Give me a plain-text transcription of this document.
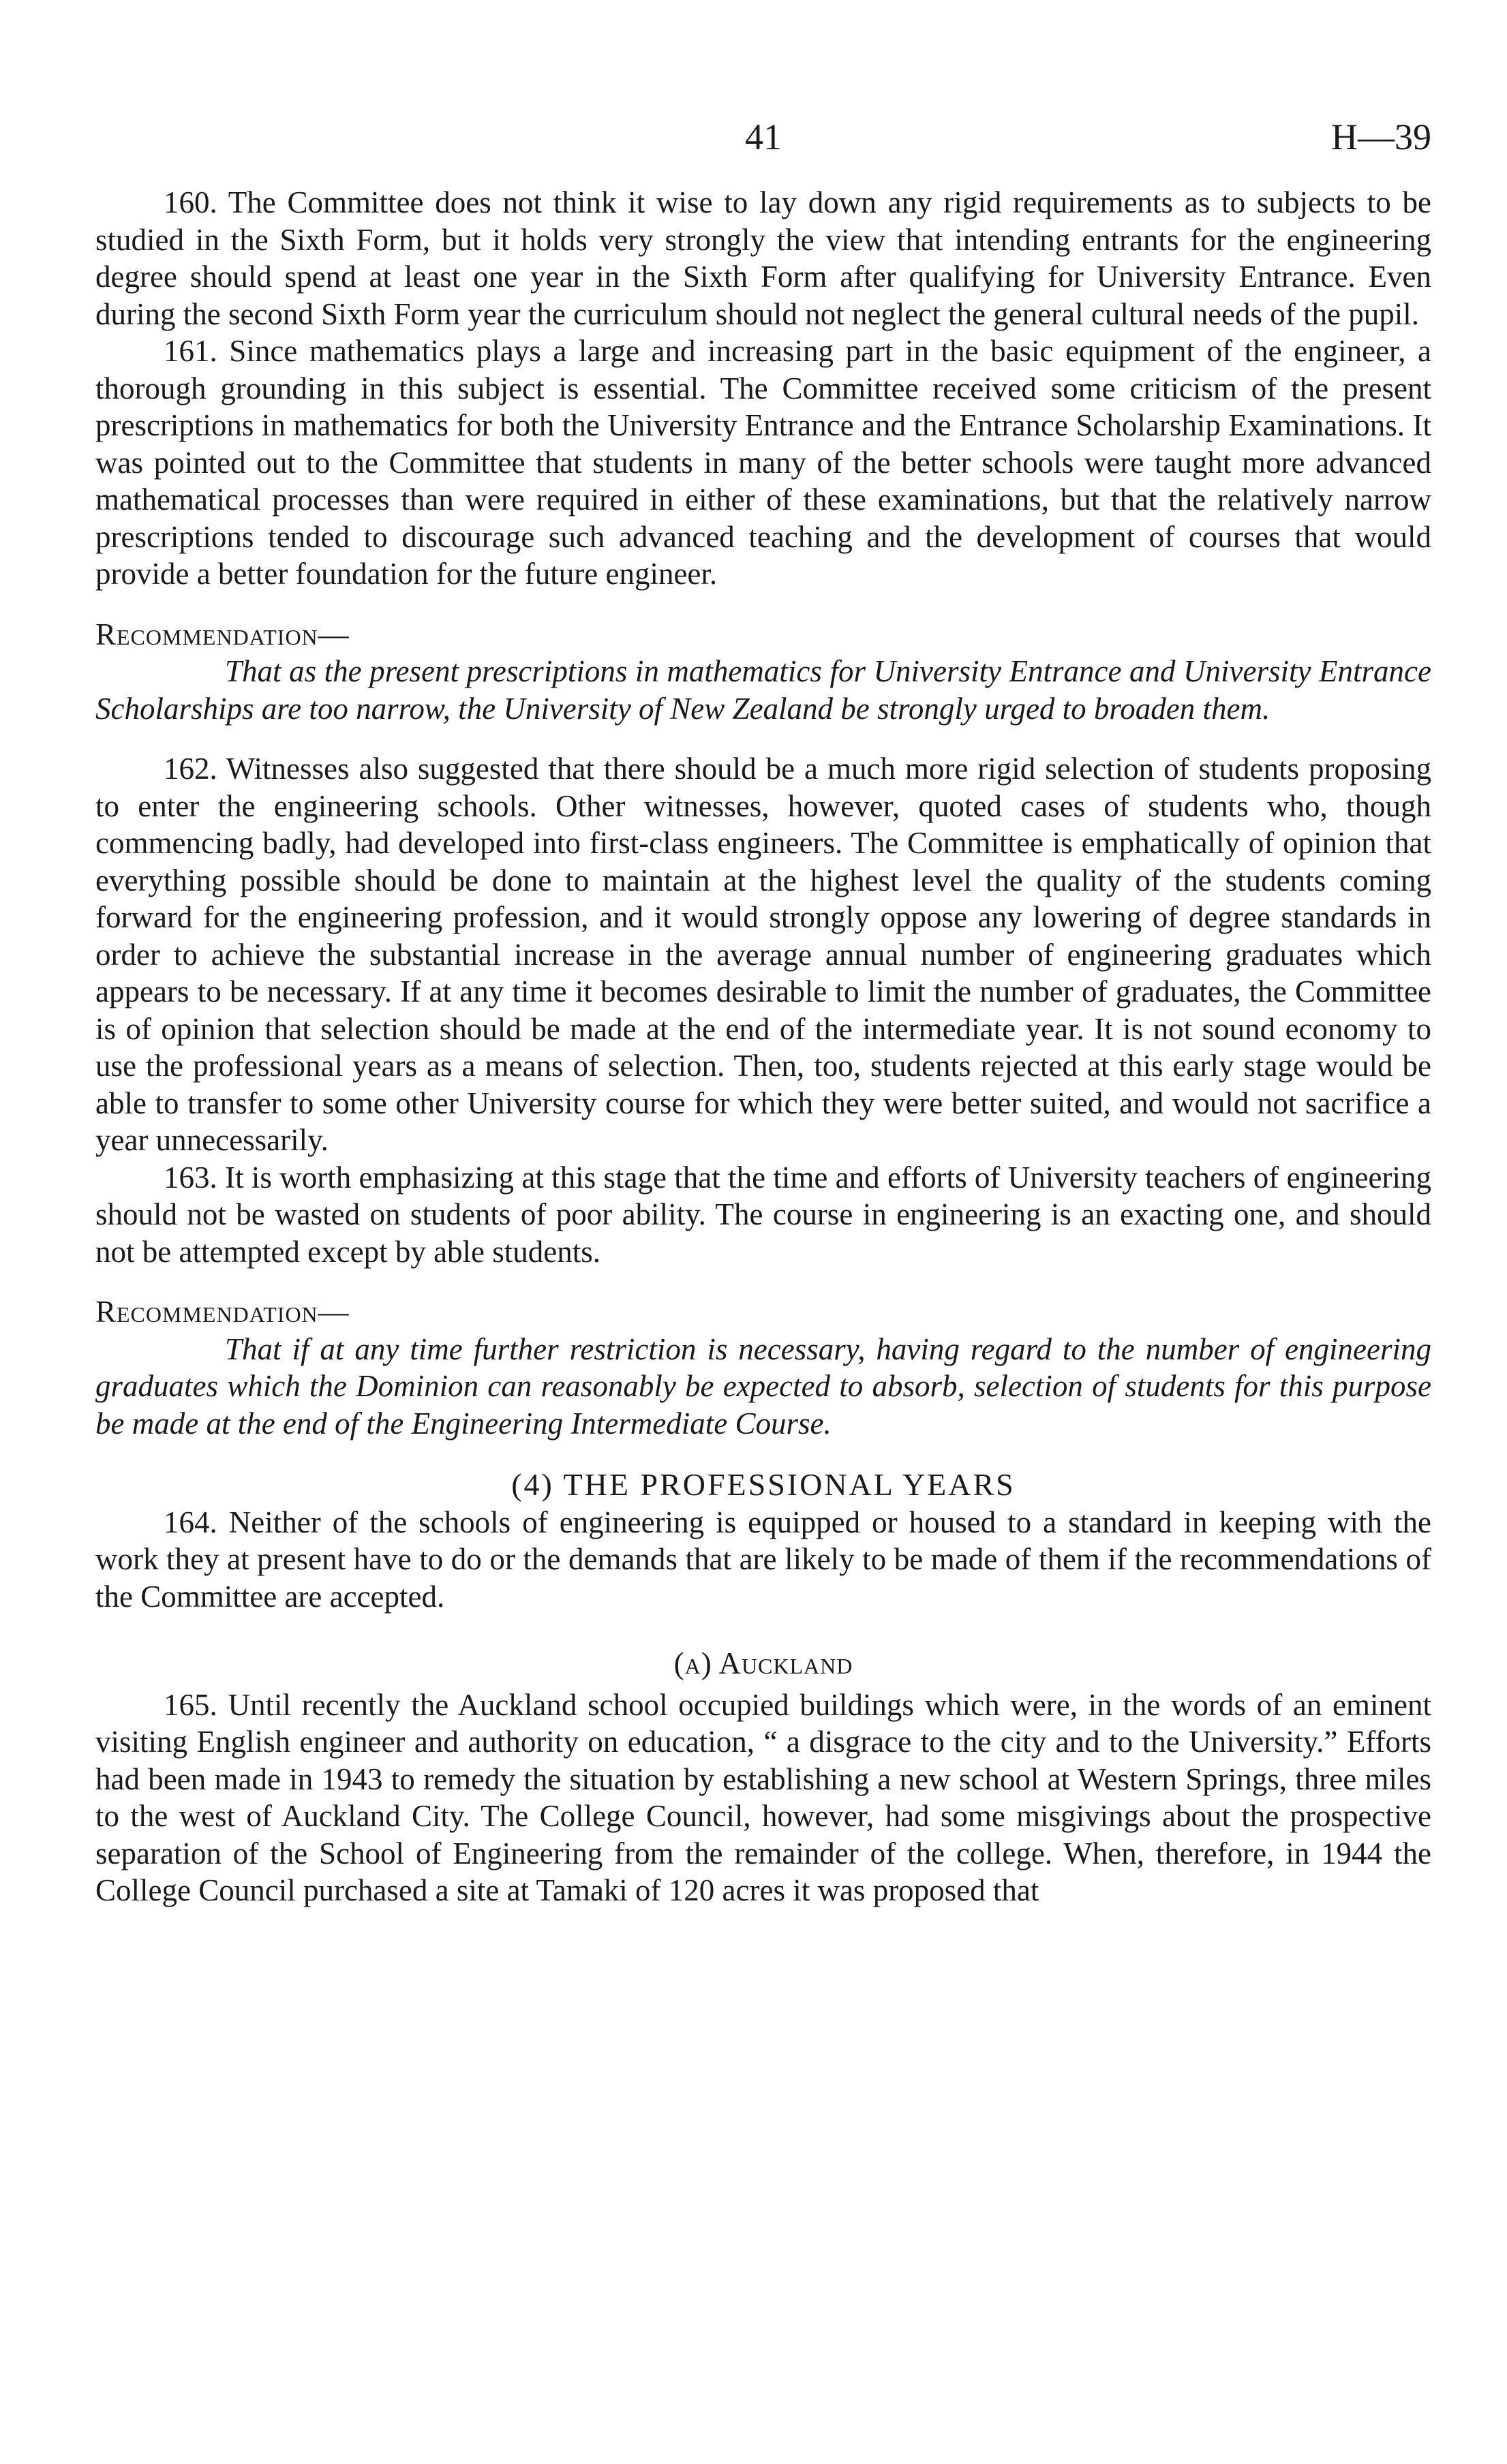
41	H—39

160. The Committee does not think it wise to lay down any rigid requirements as to subjects to be studied in the Sixth Form, but it holds very strongly the view that intending entrants for the engineering degree should spend at least one year in the Sixth Form after qualifying for University Entrance. Even during the second Sixth Form year the curriculum should not neglect the general cultural needs of the pupil.

161. Since mathematics plays a large and increasing part in the basic equipment of the engineer, a thorough grounding in this subject is essential. The Committee received some criticism of the present prescriptions in mathematics for both the University Entrance and the Entrance Scholarship Examinations. It was pointed out to the Committee that students in many of the better schools were taught more advanced mathematical processes than were required in either of these examinations, but that the relatively narrow prescriptions tended to discourage such advanced teaching and the development of courses that would provide a better foundation for the future engineer.

Recommendation—

That as the present prescriptions in mathematics for University Entrance and University Entrance Scholarships are too narrow, the University of New Zealand be strongly urged to broaden them.

162. Witnesses also suggested that there should be a much more rigid selection of students proposing to enter the engineering schools. Other witnesses, however, quoted cases of students who, though commencing badly, had developed into first-class engineers. The Committee is emphatically of opinion that everything possible should be done to maintain at the highest level the quality of the students coming forward for the engineering profession, and it would strongly oppose any lowering of degree standards in order to achieve the substantial increase in the average annual number of engineering graduates which appears to be necessary. If at any time it becomes desirable to limit the number of graduates, the Committee is of opinion that selection should be made at the end of the intermediate year. It is not sound economy to use the professional years as a means of selection. Then, too, students rejected at this early stage would be able to transfer to some other University course for which they were better suited, and would not sacrifice a year unnecessarily.

163. It is worth emphasizing at this stage that the time and efforts of University teachers of engineering should not be wasted on students of poor ability. The course in engineering is an exacting one, and should not be attempted except by able students.

Recommendation—

That if at any time further restriction is necessary, having regard to the number of engineering graduates which the Dominion can reasonably be expected to absorb, selection of students for this purpose be made at the end of the Engineering Intermediate Course.

(4) THE PROFESSIONAL YEARS

164. Neither of the schools of engineering is equipped or housed to a standard in keeping with the work they at present have to do or the demands that are likely to be made of them if the recommendations of the Committee are accepted.

(a) Auckland

165. Until recently the Auckland school occupied buildings which were, in the words of an eminent visiting English engineer and authority on education, “ a disgrace to the city and to the University.” Efforts had been made in 1943 to remedy the situation by establishing a new school at Western Springs, three miles to the west of Auckland City. The College Council, however, had some misgivings about the prospective separation of the School of Engineering from the remainder of the college. When, therefore, in 1944 the College Council purchased a site at Tamaki of 120 acres it was proposed that
